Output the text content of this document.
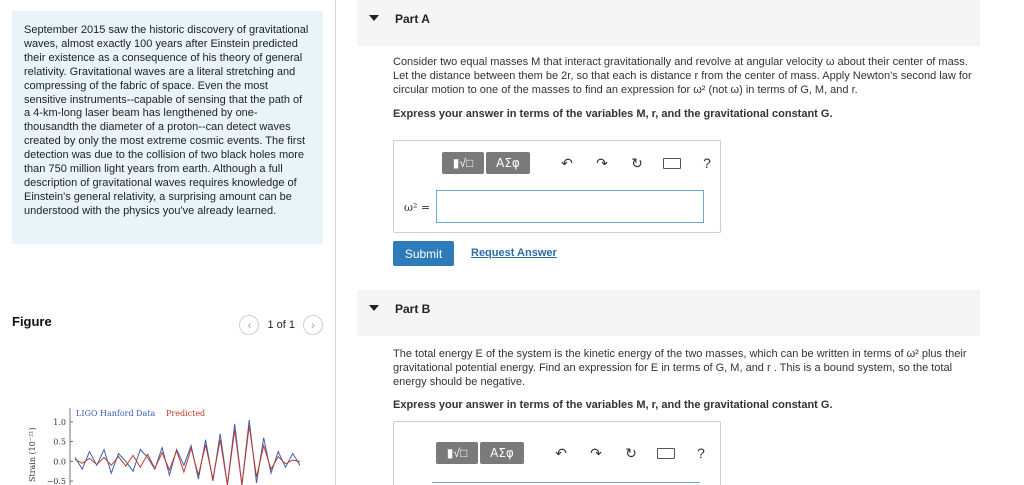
September 2015 saw the historic discovery of gravitational waves, almost exactly 100 years after Einstein predicted their existence as a consequence of his theory of general relativity. Gravitational waves are a literal stretching and compressing of the fabric of space. Even the most sensitive instruments--capable of sensing that the path of a 4-km-long laser beam has lengthened by one-thousandth the diameter of a proton--can detect waves created by only the most extreme cosmic events. The first detection was due to the collision of two black holes more than 750 million light years from earth. Although a full description of gravitational waves requires knowledge of Einstein's general relativity, a surprising amount can be understood with the physics you've already learned.
Figure	‹	1 of 1	›
Strain (10⁻²¹)
1.0
0.5
0.0
−0.5
LIGO Hanford Data Predicted
Part A
Consider two equal masses M that interact gravitationally and revolve at angular velocity ω about their center of mass. Let the distance between them be 2r, so that each is distance r from the center of mass. Apply Newton's second law for circular motion to one of the masses to find an expression for ω² (not ω) in terms of G, M, and r.
Express your answer in terms of the variables M, r, and the gravitational constant G.
▮√□	ΑΣφ	↶ ↷ ↻	?
ω² =
Submit	Request Answer
Part B
The total energy E of the system is the kinetic energy of the two masses, which can be written in terms of ω² plus their gravitational potential energy. Find an expression for E in terms of G, M, and r . This is a bound system, so the total energy should be negative.
Express your answer in terms of the variables M, r, and the gravitational constant G.
▮√□	ΑΣφ	↶ ↷ ↻	?
